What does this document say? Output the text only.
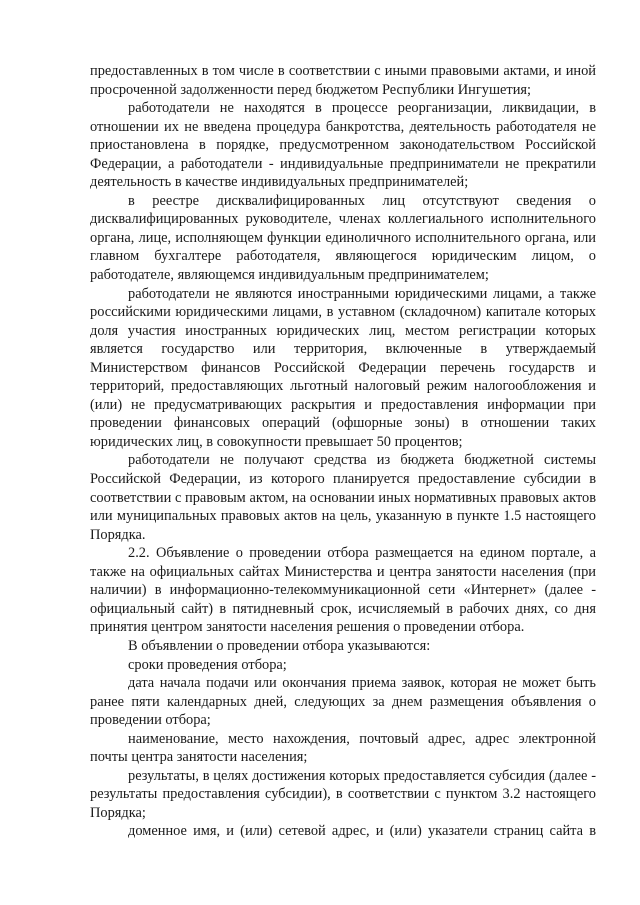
предоставленных в том числе в соответствии с иными правовыми актами, и иной просроченной задолженности перед бюджетом Республики Ингушетия;

работодатели не находятся в процессе реорганизации, ликвидации, в отношении их не введена процедура банкротства, деятельность работодателя не приостановлена в порядке, предусмотренном законодательством Российской Федерации, а работодатели - индивидуальные предприниматели не прекратили деятельность в качестве индивидуальных предпринимателей;

в реестре дисквалифицированных лиц отсутствуют сведения о дисквалифицированных руководителе, членах коллегиального исполнительного органа, лице, исполняющем функции единоличного исполнительного органа, или главном бухгалтере работодателя, являющегося юридическим лицом, о работодателе, являющемся индивидуальным предпринимателем;

работодатели не являются иностранными юридическими лицами, а также российскими юридическими лицами, в уставном (складочном) капитале которых доля участия иностранных юридических лиц, местом регистрации которых является государство или территория, включенные в утверждаемый Министерством финансов Российской Федерации перечень государств и территорий, предоставляющих льготный налоговый режим налогообложения и (или) не предусматривающих раскрытия и предоставления информации при проведении финансовых операций (офшорные зоны) в отношении таких юридических лиц, в совокупности превышает 50 процентов;

работодатели не получают средства из бюджета бюджетной системы Российской Федерации, из которого планируется предоставление субсидии в соответствии с правовым актом, на основании иных нормативных правовых актов или муниципальных правовых актов на цель, указанную в пункте 1.5 настоящего Порядка.

2.2. Объявление о проведении отбора размещается на едином портале, а также на официальных сайтах Министерства и центра занятости населения (при наличии) в информационно-телекоммуникационной сети «Интернет» (далее - официальный сайт) в пятидневный срок, исчисляемый в рабочих днях, со дня принятия центром занятости населения решения о проведении отбора.

В объявлении о проведении отбора указываются:

сроки проведения отбора;

дата начала подачи или окончания приема заявок, которая не может быть ранее пяти календарных дней, следующих за днем размещения объявления о проведении отбора;

наименование, место нахождения, почтовый адрес, адрес электронной почты центра занятости населения;

результаты, в целях достижения которых предоставляется субсидия (далее - результаты предоставления субсидии), в соответствии с пунктом 3.2 настоящего Порядка;

доменное имя, и (или) сетевой адрес, и (или) указатели страниц сайта в
